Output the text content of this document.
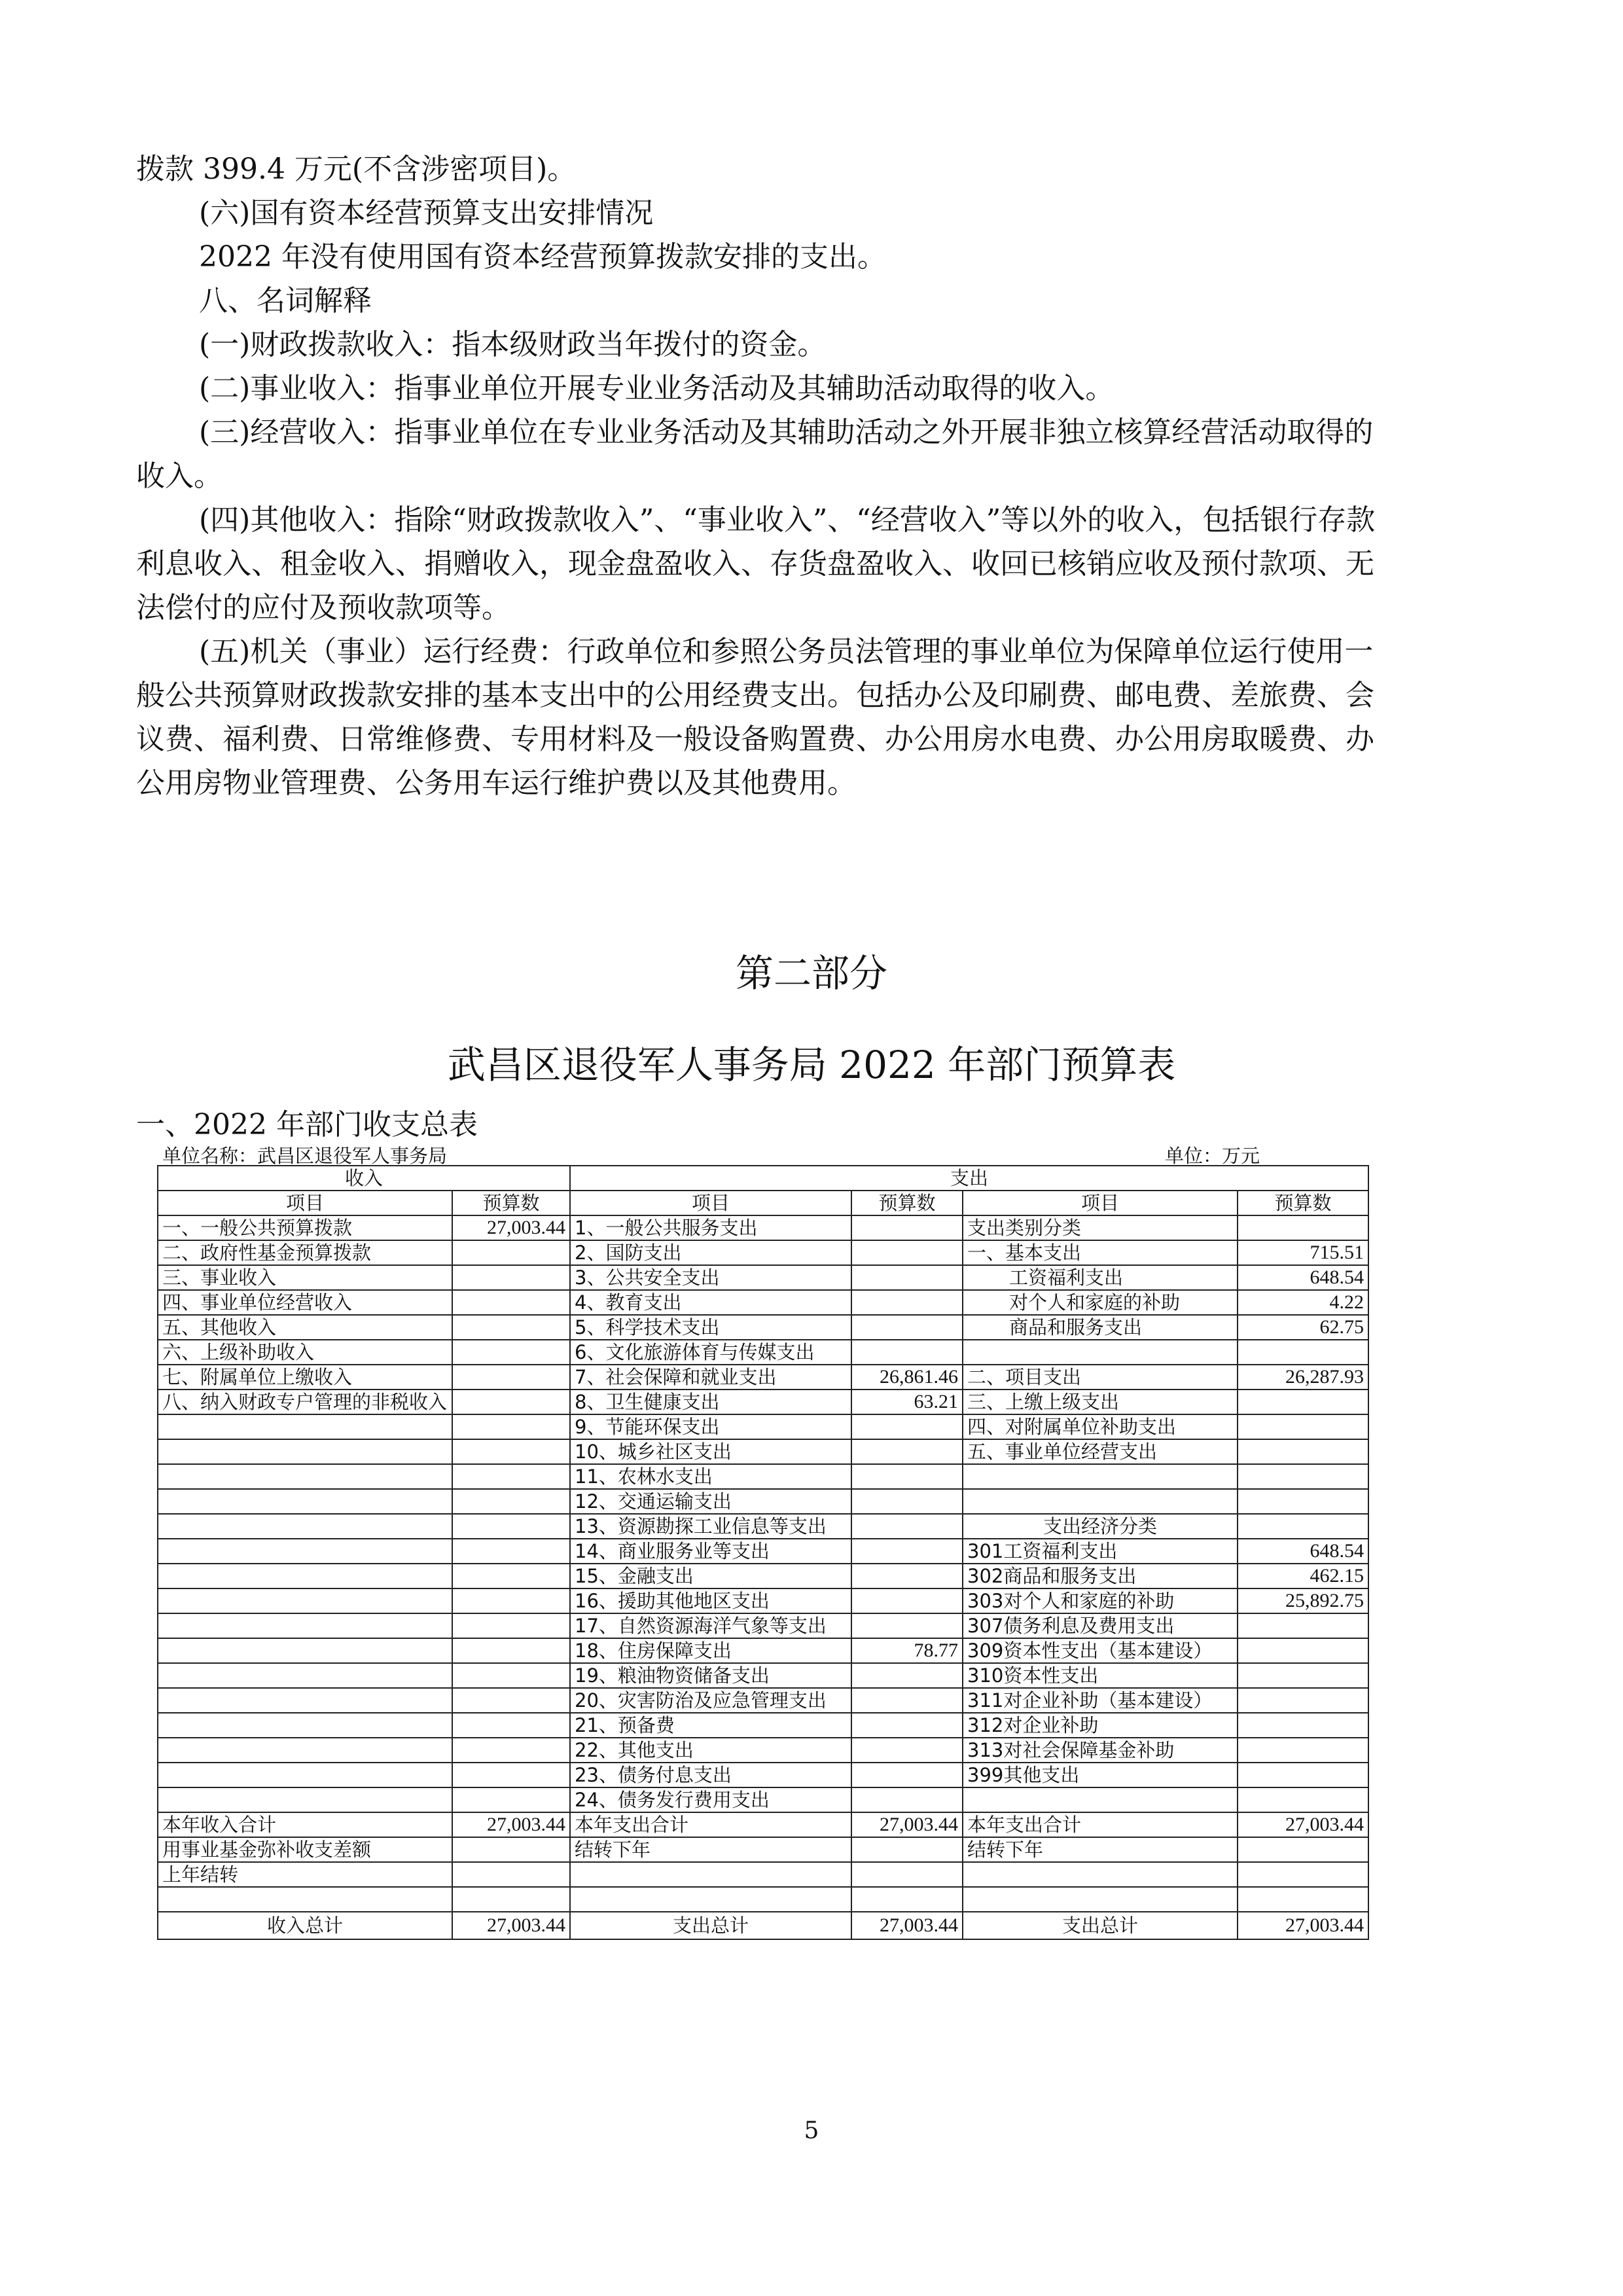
拨款 399.4 万元(不含涉密项目)。

(六)国有资本经营预算支出安排情况

2022 年没有使用国有资本经营预算拨款安排的支出。

八、名词解释

(一)财政拨款收入：指本级财政当年拨付的资金。

(二)事业收入：指事业单位开展专业业务活动及其辅助活动取得的收入。

(三)经营收入：指事业单位在专业业务活动及其辅助活动之外开展非独立核算经营活动取得的收入。

(四)其他收入：指除“财政拨款收入”、“事业收入”、“经营收入”等以外的收入，包括银行存款利息收入、租金收入、捐赠收入，现金盘盈收入、存货盘盈收入、收回已核销应收及预付款项、无法偿付的应付及预收款项等。

(五)机关（事业）运行经费：行政单位和参照公务员法管理的事业单位为保障单位运行使用一般公共预算财政拨款安排的基本支出中的公用经费支出。包括办公及印刷费、邮电费、差旅费、会议费、福利费、日常维修费、专用材料及一般设备购置费、办公用房水电费、办公用房取暖费、办公用房物业管理费、公务用车运行维护费以及其他费用。

第二部分
武昌区退役军人事务局 2022 年部门预算表
一、2022 年部门收支总表
单位名称：武昌区退役军人事务局	单位：万元
收入		支出			
项目	预算数	项目	预算数	项目	预算数
一、一般公共预算拨款	27,003.44	1、一般公共服务支出		支出类别分类	
二、政府性基金预算拨款		2、国防支出		一、基本支出	715.51
三、事业收入		3、公共安全支出		工资福利支出	648.54
四、事业单位经营收入		4、教育支出		对个人和家庭的补助	4.22
五、其他收入		5、科学技术支出		商品和服务支出	62.75
六、上级补助收入		6、文化旅游体育与传媒支出			
七、附属单位上缴收入		7、社会保障和就业支出	26,861.46	二、项目支出	26,287.93
八、纳入财政专户管理的非税收入		8、卫生健康支出	63.21	三、上缴上级支出	
		9、节能环保支出		四、对附属单位补助支出	
		10、城乡社区支出		五、事业单位经营支出	
		11、农林水支出			
		12、交通运输支出			
		13、资源勘探工业信息等支出		支出经济分类	
		14、商业服务业等支出		301工资福利支出	648.54
		15、金融支出		302商品和服务支出	462.15
		16、援助其他地区支出		303对个人和家庭的补助	25,892.75
		17、自然资源海洋气象等支出		307债务利息及费用支出	
		18、住房保障支出	78.77	309资本性支出（基本建设）	
		19、粮油物资储备支出		310资本性支出	
		20、灾害防治及应急管理支出		311对企业补助（基本建设）	
		21、预备费		312对企业补助	
		22、其他支出		313对社会保障基金补助	
		23、债务付息支出		399其他支出	
		24、债务发行费用支出			
本年收入合计	27,003.44	本年支出合计	27,003.44	本年支出合计	27,003.44
用事业基金弥补收支差额		结转下年		结转下年	
上年结转					

收入总计	27,003.44	支出总计	27,003.44	支出总计	27,003.44
5
